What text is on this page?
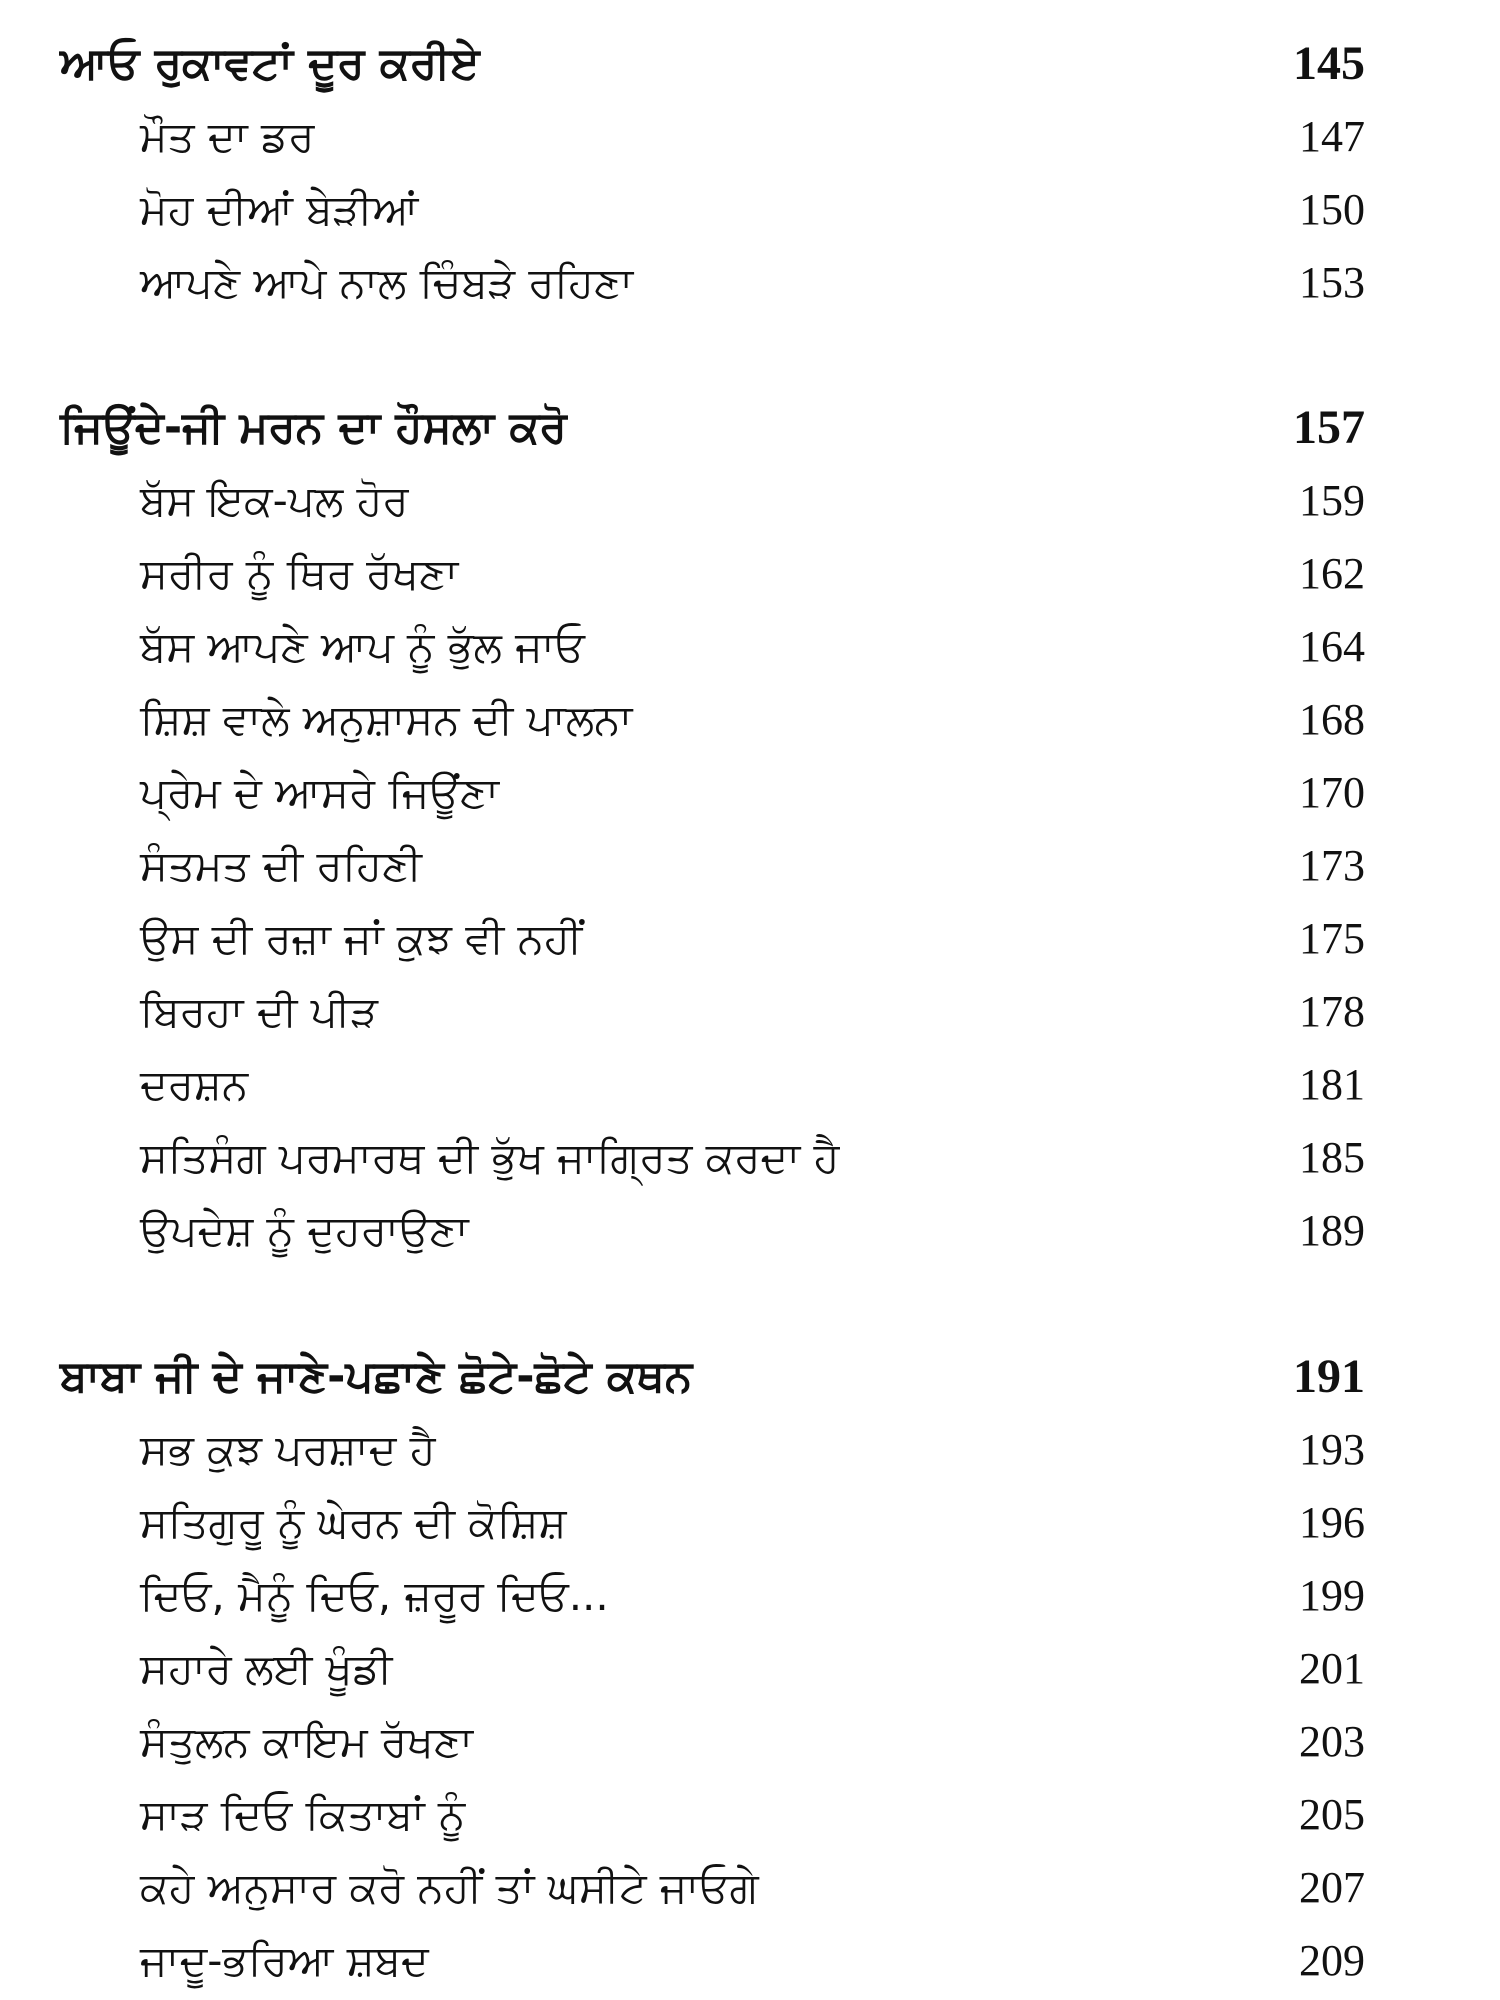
ਆਓ ਰੁਕਾਵਟਾਂ ਦੂਰ ਕਰੀਏ	145
ਮੌਤ ਦਾ ਡਰ	147
ਮੋਹ ਦੀਆਂ ਬੇੜੀਆਂ	150
ਆਪਣੇ ਆਪੇ ਨਾਲ ਚਿੰਬੜੇ ਰਹਿਣਾ	153
ਜਿਊਂਦੇ-ਜੀ ਮਰਨ ਦਾ ਹੌਸਲਾ ਕਰੋ	157
ਬੱਸ ਇਕ-ਪਲ ਹੋਰ	159
ਸਰੀਰ ਨੂੰ ਥਿਰ ਰੱਖਣਾ	162
ਬੱਸ ਆਪਣੇ ਆਪ ਨੂੰ ਭੁੱਲ ਜਾਓ	164
ਸ਼ਿਸ਼ ਵਾਲੇ ਅਨੁਸ਼ਾਸਨ ਦੀ ਪਾਲਨਾ	168
ਪ੍ਰੇਮ ਦੇ ਆਸਰੇ ਜਿਊਂਣਾ	170
ਸੰਤਮਤ ਦੀ ਰਹਿਣੀ	173
ਉਸ ਦੀ ਰਜ਼ਾ ਜਾਂ ਕੁਝ ਵੀ ਨਹੀਂ	175
ਬਿਰਹਾ ਦੀ ਪੀੜ	178
ਦਰਸ਼ਨ	181
ਸਤਿਸੰਗ ਪਰਮਾਰਥ ਦੀ ਭੁੱਖ ਜਾਗ੍ਰਿਤ ਕਰਦਾ ਹੈ	185
ਉਪਦੇਸ਼ ਨੂੰ ਦੁਹਰਾਉਣਾ	189
ਬਾਬਾ ਜੀ ਦੇ ਜਾਣੇ-ਪਛਾਣੇ ਛੋਟੇ-ਛੋਟੇ ਕਥਨ	191
ਸਭ ਕੁਝ ਪਰਸ਼ਾਦ ਹੈ	193
ਸਤਿਗੁਰੂ ਨੂੰ ਘੇਰਨ ਦੀ ਕੋਸ਼ਿਸ਼	196
ਦਿਓ, ਮੈਨੂੰ ਦਿਓ, ਜ਼ਰੂਰ ਦਿਓ...	199
ਸਹਾਰੇ ਲਈ ਖੂੰਡੀ	201
ਸੰਤੁਲਨ ਕਾਇਮ ਰੱਖਣਾ	203
ਸਾੜ ਦਿਓ ਕਿਤਾਬਾਂ ਨੂੰ	205
ਕਹੇ ਅਨੁਸਾਰ ਕਰੋ ਨਹੀਂ ਤਾਂ ਘਸੀਟੇ ਜਾਓਗੇ	207
ਜਾਦੂ-ਭਰਿਆ ਸ਼ਬਦ	209
